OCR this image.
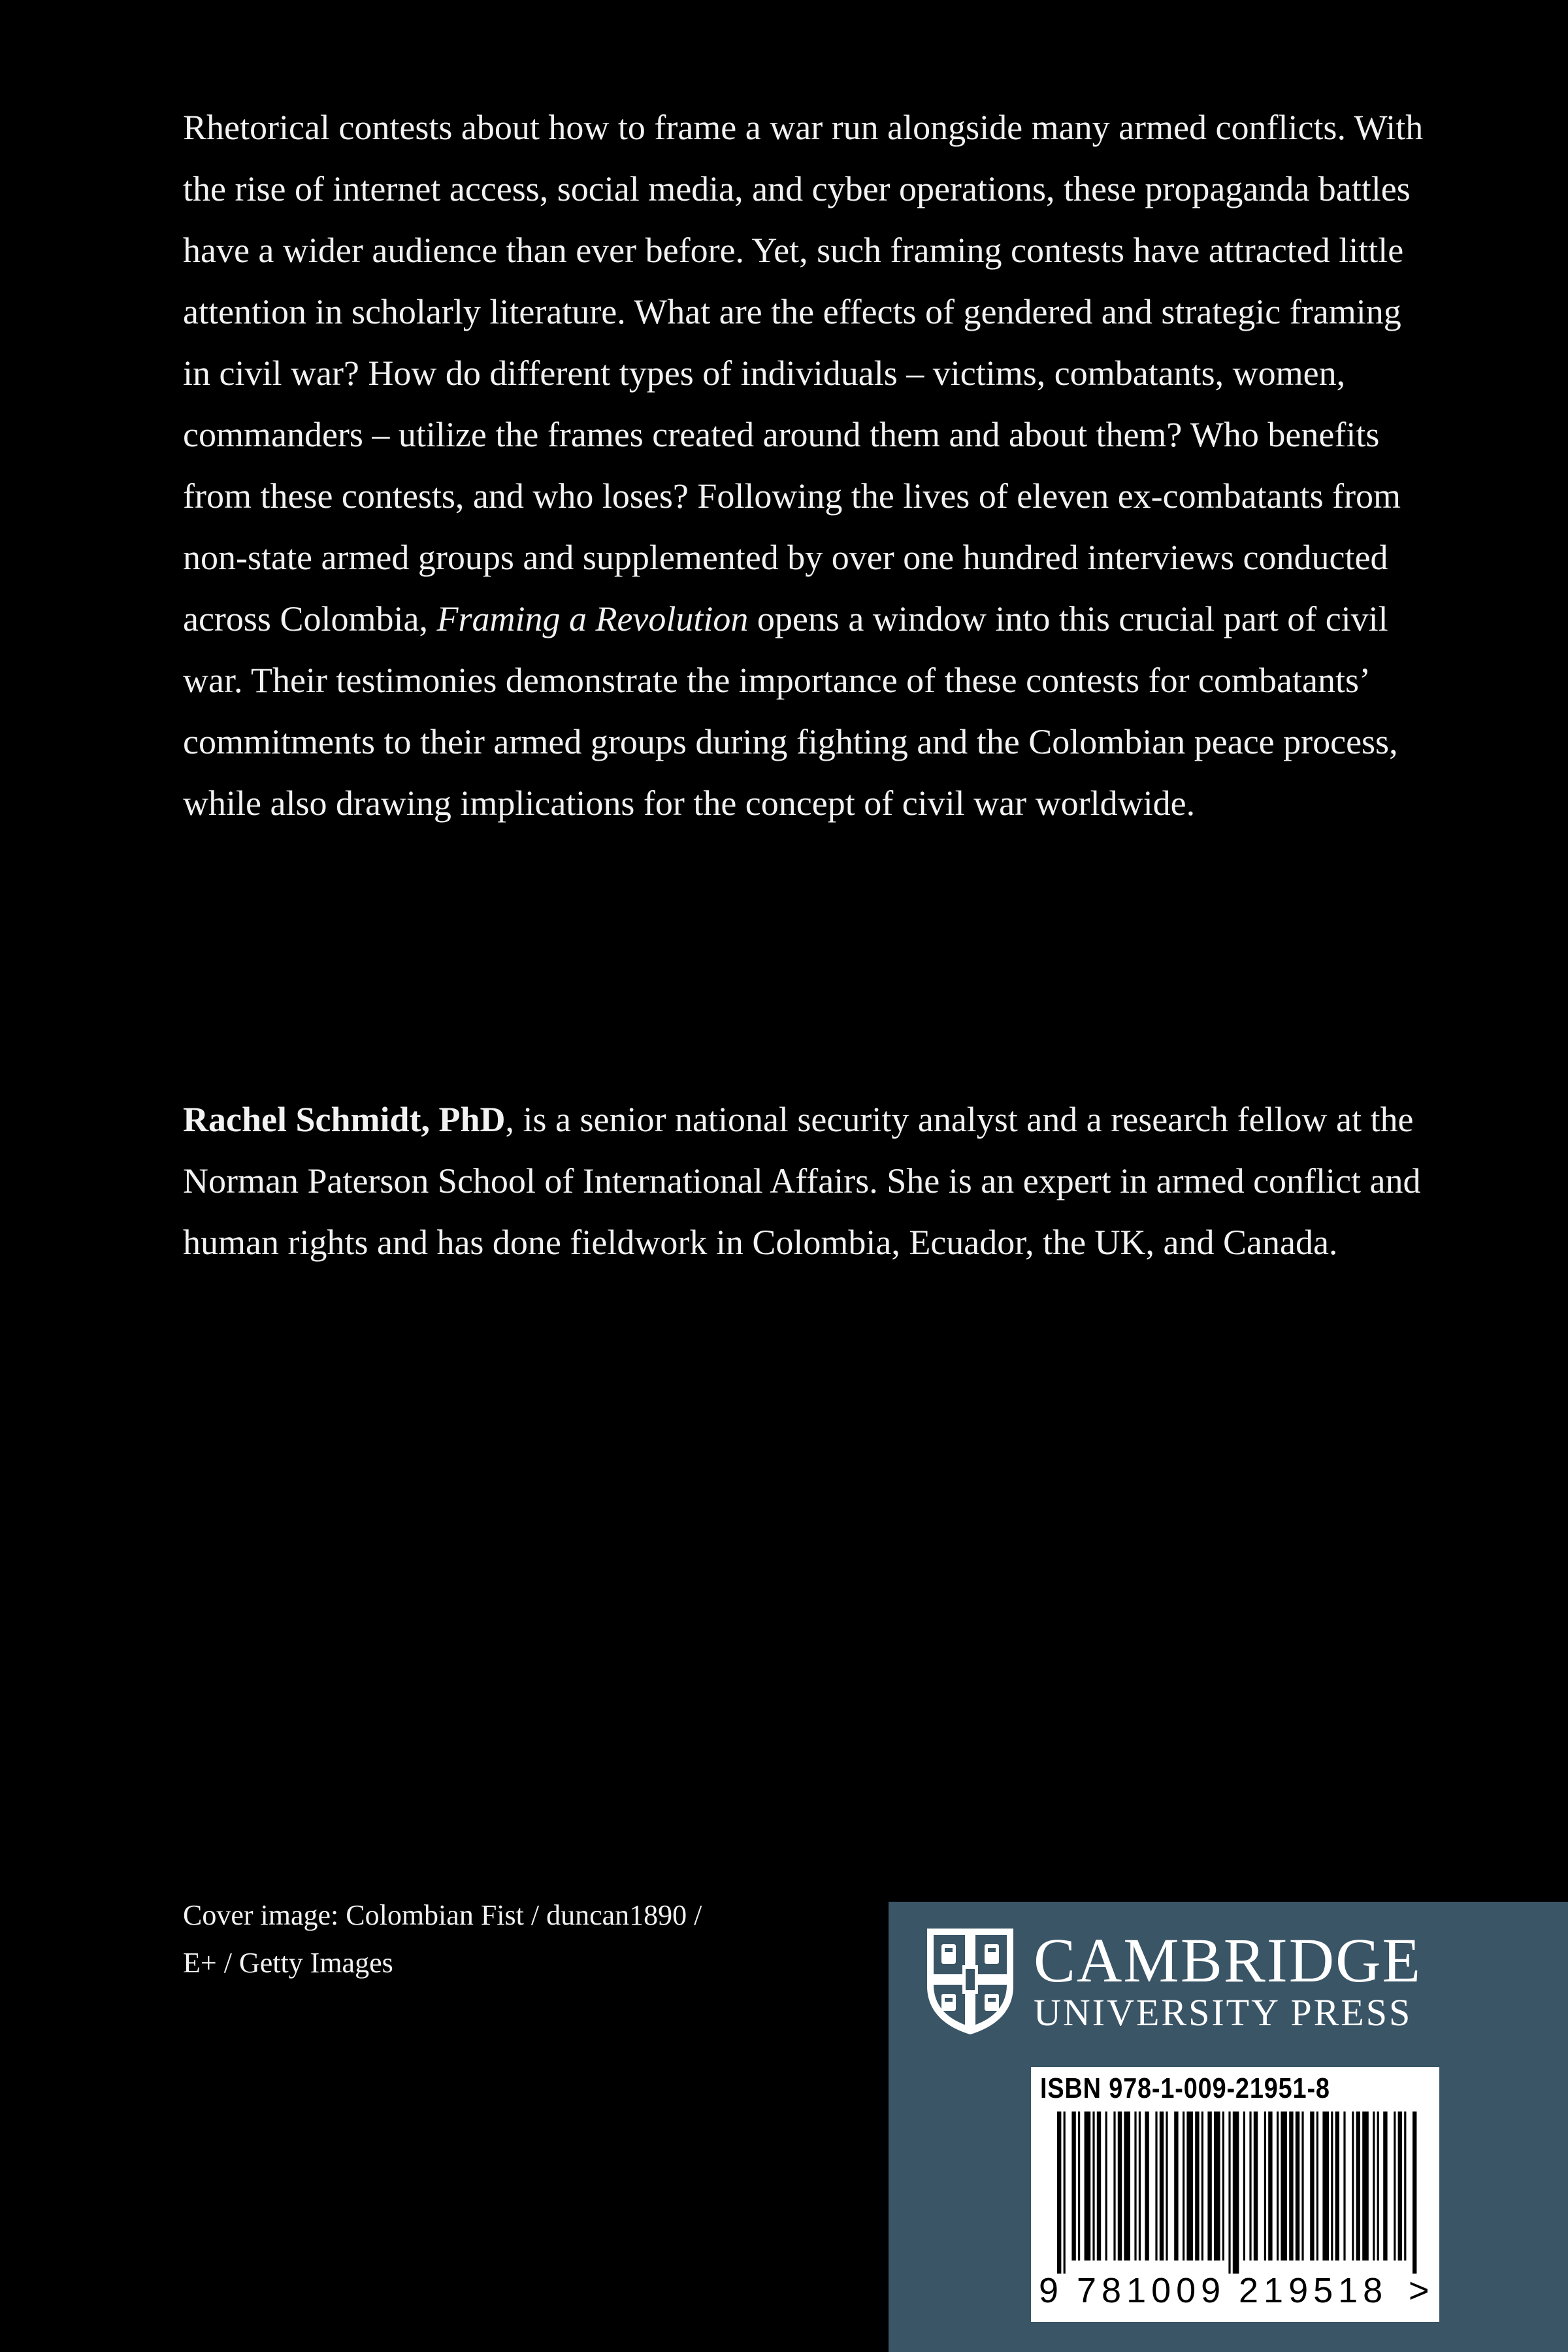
Rhetorical contests about how to frame a war run alongside many armed conflicts. With the rise of internet access, social media, and cyber operations, these propaganda battles have a wider audience than ever before. Yet, such framing contests have attracted little attention in scholarly literature. What are the effects of gendered and strategic framing in civil war? How do different types of individuals – victims, combatants, women, commanders – utilize the frames created around them and about them? Who benefits from these contests, and who loses? Following the lives of eleven ex-combatants from non-state armed groups and supplemented by over one hundred interviews conducted across Colombia, Framing a Revolution opens a window into this crucial part of civil war. Their testimonies demonstrate the importance of these contests for combatants’ commitments to their armed groups during fighting and the Colombian peace process, while also drawing implications for the concept of civil war worldwide.

Rachel Schmidt, PhD, is a senior national security analyst and a research fellow at the Norman Paterson School of International Affairs. She is an expert in armed conflict and human rights and has done fieldwork in Colombia, Ecuador, the UK, and Canada.

Cover image: Colombian Fist / duncan1890 /

E+ / Getty Images	CAMBRIDGE
UNIVERSITY PRESS
ISBN 978-1-009-21951-8
9 781009 219518 >
